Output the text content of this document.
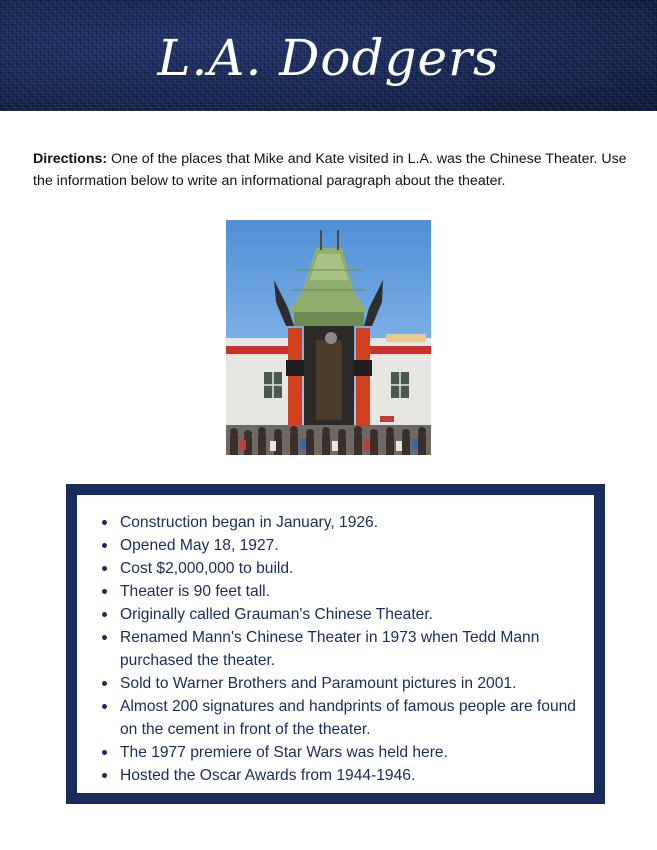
L.A. Dodgers
Directions: One of the places that Mike and Kate visited in L.A. was the Chinese Theater. Use the information below to write an informational paragraph about the theater.
Construction began in January, 1926.
Opened May 18, 1927.
Cost $2,000,000 to build.
Theater is 90 feet tall.
Originally called Grauman's Chinese Theater.
Renamed Mann's Chinese Theater in 1973 when Tedd Mann purchased the theater.
Sold to Warner Brothers and Paramount pictures in 2001.
Almost 200 signatures and handprints of famous people are found on the cement in front of the theater.
The 1977 premiere of Star Wars was held here.
Hosted the Oscar Awards from 1944-1946.
